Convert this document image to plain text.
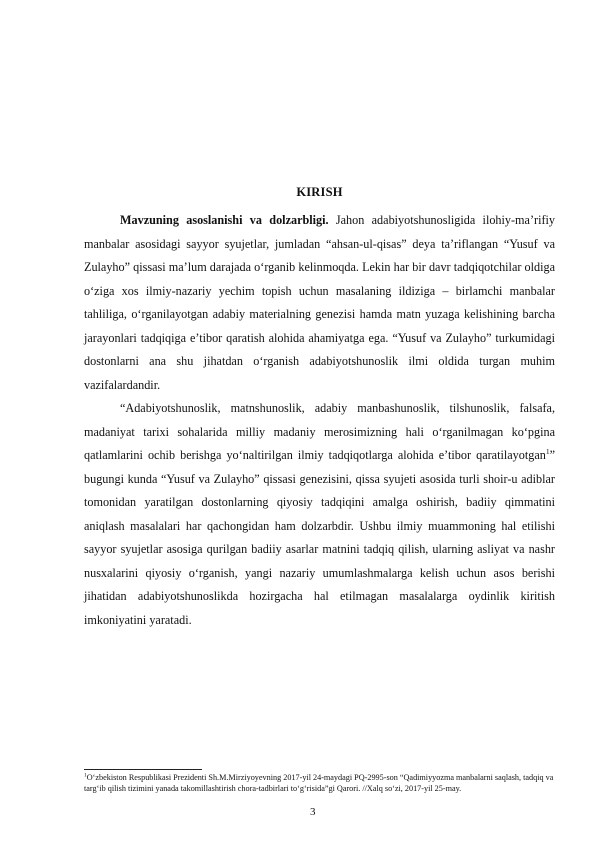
KIRISH

Mavzuning asoslanishi va dolzarbligi. Jahon adabiyotshunosligida ilohiy-ma’rifiy manbalar asosidagi sayyor syujetlar, jumladan “ahsan-ul-qisas” deya ta’riflangan “Yusuf va Zulayho” qissasi ma’lum darajada o‘rganib kelinmoqda. Lekin har bir davr tadqiqotchilar oldiga o‘ziga xos ilmiy-nazariy yechim topish uchun masalaning ildiziga – birlamchi manbalar tahliliga, o‘rganilayotgan adabiy materialning genezisi hamda matn yuzaga kelishining barcha jarayonlari tadqiqiga e’tibor qaratish alohida ahamiyatga ega. “Yusuf va Zulayho” turkumidagi dostonlarni ana shu jihatdan o‘rganish adabiyotshunoslik ilmi oldida turgan muhim vazifalardandir.

“Adabiyotshunoslik, matnshunoslik, adabiy manbashunoslik, tilshunoslik, falsafa, madaniyat tarixi sohalarida milliy madaniy merosimizning hali o‘rganilmagan ko‘pgina qatlamlarini ochib berishga yo‘naltirilgan ilmiy tadqiqotlarga alohida e’tibor qaratilayotgan$^1$” bugungi kunda “Yusuf va Zulayho” qissasi genezisini, qissa syujeti asosida turli shoir-u adiblar tomonidan yaratilgan dostonlarning qiyosiy tadqiqini amalga oshirish, badiiy qimmatini aniqlash masalalari har qachongidan ham dolzarbdir. Ushbu ilmiy muammoning hal etilishi sayyor syujetlar asosiga qurilgan badiiy asarlar matnini tadqiq qilish, ularning asliyat va nashr nusxalarini qiyosiy o‘rganish, yangi nazariy umumlashmalarga kelish uchun asos berishi jihatidan adabiyotshunoslikda hozirgacha hal etilmagan masalalarga oydinlik kiritish imkoniyatini yaratadi.

$^1$O‘zbekiston Respublikasi Prezidenti Sh.M.Mirziyoyevning 2017-yil 24-maydagi PQ-2995-son “Qadimiyyozma manbalarni saqlash, tadqiq va targ‘ib qilish tizimini yanada takomillashtirish chora-tadbirlari to‘g‘risida”gi Qarori. //Xalq so‘zi, 2017-yil 25-may.
3
